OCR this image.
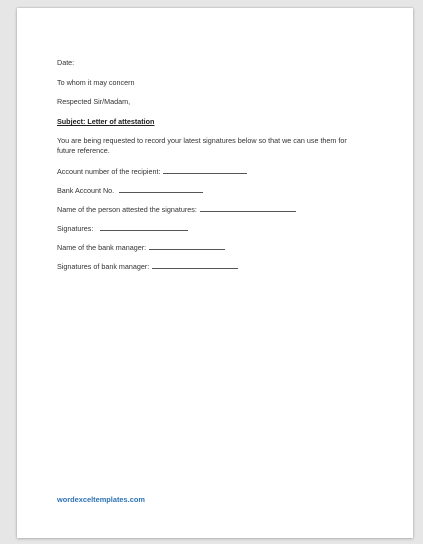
Date:
To whom it may concern
Respected Sir/Madam,
Subject: Letter of attestation
You are being requested to record your latest signatures below so that we can use them for future reference.
Account number of the recipient:
Bank Account No.
Name of the person attested the signatures:
Signatures:
Name of the bank manager:
Signatures of bank manager:
wordexceltemplates.com
